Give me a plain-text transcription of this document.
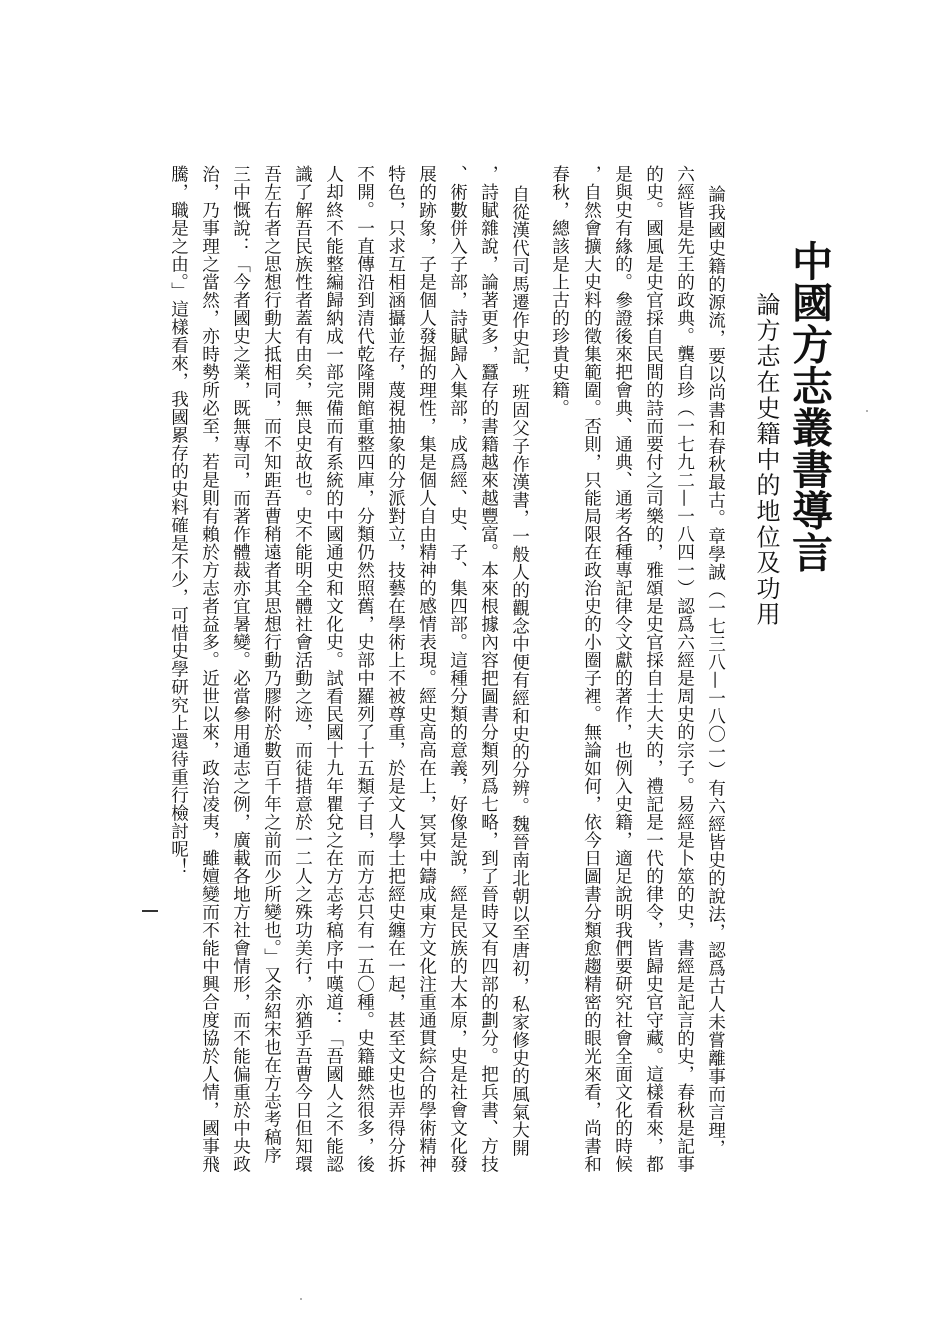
中國方志叢書導言
論方志在史籍中的地位及功用
論我國史籍的源流，要以尚書和春秋最古。章學誠（一七三八—一八〇一）有六經皆史的說法，認爲古人未嘗離事而言理，
六經皆是先王的政典。龔自珍（一七九二—一八四一）認爲六經是周史的宗子。易經是卜筮的史，書經是記言的史，春秋是記事
的史。國風是史官採自民間的詩而要付之司樂的，雅頌是史官採自士大夫的，禮記是一代的律令，皆歸史官守藏。這樣看來，都
是與史有緣的。參證後來把會典、通典、通考各種專記律令文獻的著作，也例入史籍，適足說明我們要研究社會全面文化的時候
，自然會擴大史料的徵集範圍。否則，只能局限在政治史的小圈子裡。無論如何，依今日圖書分類愈趨精密的眼光來看，尚書和
春秋，總該是上古的珍貴史籍。
自從漢代司馬遷作史記，班固父子作漢書，一般人的觀念中便有經和史的分辨。魏晉南北朝以至唐初，私家修史的風氣大開
，詩賦雜說，論著更多，蠶存的書籍越來越豐富。本來根據內容把圖書分類列爲七略，到了晉時又有四部的劃分。把兵書、方技
、術數併入子部，詩賦歸入集部，成爲經、史、子、集四部。這種分類的意義，好像是說，經是民族的大本原，史是社會文化發
展的跡象，子是個人發掘的理性，集是個人自由精神的感情表現。經史高高在上，冥冥中鑄成東方文化注重通貫綜合的學術精神
特色，只求互相涵攝並存，蔑視抽象的分派對立，技藝在學術上不被尊重，於是文人學士把經史纏在一起，甚至文史也弄得分拆
不開。一直傳沿到清代乾隆開館重整四庫，分類仍然照舊，史部中羅列了十五類子目，而方志只有一五〇種。史籍雖然很多，後
人却終不能整編歸納成一部完備而有系統的中國通史和文化史。試看民國十九年瞿兌之在方志考稿序中嘆道：「吾國人之不能認
識了解吾民族性者蓋有由矣，無良史故也。史不能明全體社會活動之迹，而徒措意於一二人之殊功美行，亦猶乎吾曹今日但知環
吾左右者之思想行動大抵相同，而不知距吾曹稍遠者其思想行動乃膠附於數百千年之前而少所變也。」又余紹宋也在方志考稿序
三中慨說：「今者國史之業，既無專司，而著作體裁亦宜暑變。必當參用通志之例，廣載各地方社會情形，而不能偏重於中央政
治，乃事理之當然，亦時勢所必至，若是則有賴於方志者益多。近世以來，政治凌夷，雖嬗變而不能中興合度協於人情，國事飛
騰，職是之由。」這樣看來，我國累存的史料確是不少，可惜史學研究上還待重行檢討呢！
